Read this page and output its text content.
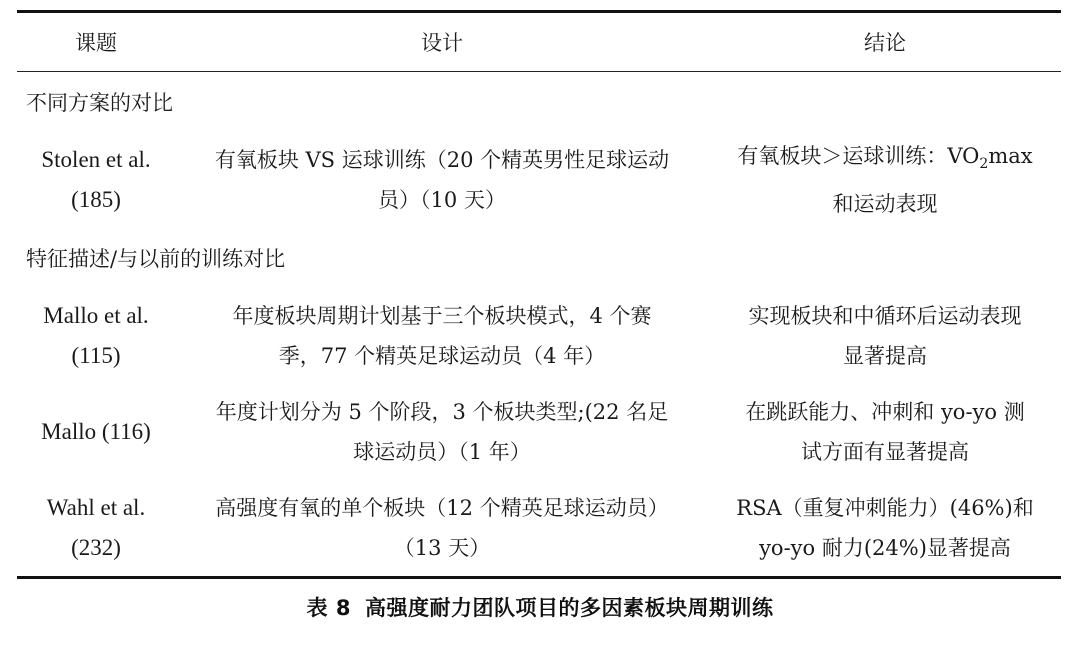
课题	设计	结论
不同方案的对比
Stolen et al.
(185)
有氧板块 VS 运球训练（20 个精英男性足球运动
员）（10 天）
有氧板块＞运球训练：$VO_2\max$
和运动表现
特征描述/与以前的训练对比
Mallo et al.
(115)
年度板块周期计划基于三个板块模式，4 个赛
季，77 个精英足球运动员（4 年）
实现板块和中循环后运动表现
显著提高
Mallo (116)
年度计划分为 5 个阶段，3 个板块类型;(22 名足
球运动员）（1 年）
在跳跃能力、冲刺和 yo-yo 测
试方面有显著提高
Wahl et al.
(232)
高强度有氧的单个板块（12 个精英足球运动员）
（13 天）
RSA（重复冲刺能力）(46%)和
yo-yo 耐力(24%)显著提高
表 8 高强度耐力团队项目的多因素板块周期训练
